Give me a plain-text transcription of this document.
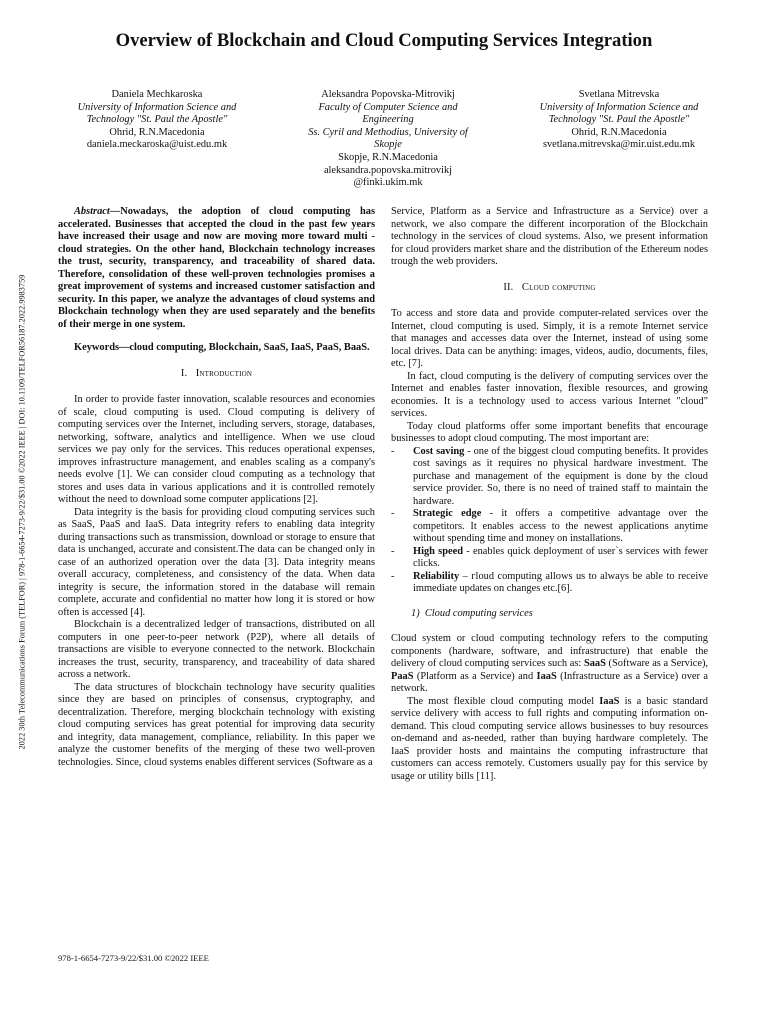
2022 30th Telecommunications Forum (TELFOR) | 978-1-6654-7273-9/22/$31.00 ©2022 IEEE | DOI: 10.1109/TELFOR56187.2022.9983759
Overview of Blockchain and Cloud Computing Services Integration
Daniela Mechkaroska
University of Information Science and
Technology "St. Paul the Apostle"
Ohrid, R.N.Macedonia
daniela.meckaroska@uist.edu.mk
Aleksandra Popovska-Mitrovikj
Faculty of Computer Science and
Engineering
Ss. Cyril and Methodius, University of
Skopje
Skopje, R.N.Macedonia
aleksandra.popovska.mitrovikj
@finki.ukim.mk
Svetlana Mitrevska
University of Information Science and
Technology "St. Paul the Apostle"
Ohrid, R.N.Macedonia
svetlana.mitrevska@mir.uist.edu.mk

Abstract—Nowadays, the adoption of cloud computing has accelerated. Businesses that accepted the cloud in the past few years have increased their usage and now are moving more toward multi - cloud strategies. On the other hand, Blockchain technology increases the trust, security, transparency, and traceability of shared data. Therefore, consolidation of these well-proven technologies promises a great improvement of systems and increased customer satisfaction and security. In this paper, we analyze the advantages of cloud systems and Blockchain technology when they are used separately and the benefits of their merge in one system.

Keywords—cloud computing, Blockchain, SaaS, IaaS, PaaS, BaaS.

I. Introduction

In order to provide faster innovation, scalable resources and economies of scale, cloud computing is used. Cloud computing is delivery of computing services over the Internet, including servers, storage, databases, networking, software, analytics and intelligence. When we use cloud services we pay only for the services. This reduces operational expenses, improves infrastructure management, and enables scaling as a company's needs evolve [1]. We can consider cloud computing as a technology that stores and uses data in various applications and it is controlled remotely without the need to download some computer applications [2].

Data integrity is the basis for providing cloud computing services such as SaaS, PaaS and IaaS. Data integrity refers to enabling data integrity during transactions such as transmission, download or storage to ensure that data is unchanged, accurate and consistent.The data can be changed only in case of an authorized operation over the data [3]. Data integrity means overall accuracy, completeness, and consistency of the data. When data integrity is secure, the information stored in the database will remain complete, accurate and confidential no matter how long it is stored or how often is accessed [4].

Blockchain is a decentralized ledger of transactions, distributed on all computers in one peer-to-peer network (P2P), where all details of transactions are visible to everyone connected to the network. Blockchain increases the trust, security, transparency, and traceability of data shared across a network.

The data structures of blockchain technology have security qualities since they are based on principles of consensus, cryptography, and decentralization. Therefore, merging blockchain technology with existing cloud computing services has great potential for improving data security and integrity, data management, compliance, reliability. In this paper we analyze the customer benefits of the merging of these two well-proven technologies. Since, cloud systems enables different services (Software as a

Service, Platform as a Service and Infrastructure as a Service) over a network, we also compare the different incorporation of the Blockchain technology in the services of cloud systems. Also, we present information for cloud providers market share and the distribution of the Ethereum nodes trough the web providers.

II. Cloud computing

To access and store data and provide computer-related services over the Internet, cloud computing is used. Simply, it is a remote Internet service that manages and accesses data over the Internet, instead of using some local drives. Data can be anything: images, videos, audio, documents, files, etc. [7].

In fact, cloud computing is the delivery of computing services over the Internet and enables faster innovation, flexible resources, and growing economies. It is a technology used to access various Internet "cloud" services.

Today cloud platforms offer some important benefits that encourage businesses to adopt cloud computing. The most important are:

- Cost saving - one of the biggest cloud computing benefits. It provides cost savings as it requires no physical hardware investment. The purchase and management of the equipment is done by the cloud service provider. So, there is no need of trained staff to maintain the hardware.
- Strategic edge - it offers a competitive advantage over the competitors. It enables access to the newest applications anytime without spending time and money on installations.
- High speed - enables quick deployment of user`s services with fewer clicks.
- Reliability – гloud computing allows us to always be able to receive immediate updates on changes etc.[6].
1) Cloud computing services

Cloud system or cloud computing technology refers to the computing components (hardware, software, and infrastructure) that enable the delivery of cloud computing services such as: SaaS (Software as a Service), PaaS (Platform as a Service) and IaaS (Infrastructure as a Service) over a network.

The most flexible cloud computing model IaaS is a basic standard service delivery with access to full rights and computing information on-demand. This cloud computing service allows businesses to buy resources on-demand and as-needed, rather than buying hardware completely. The IaaS provider hosts and maintains the computing infrastructure that customers can access remotely. Customers usually pay for this service by usage or utility bills [11].

978-1-6654-7273-9/22/$31.00 ©2022 IEEE
